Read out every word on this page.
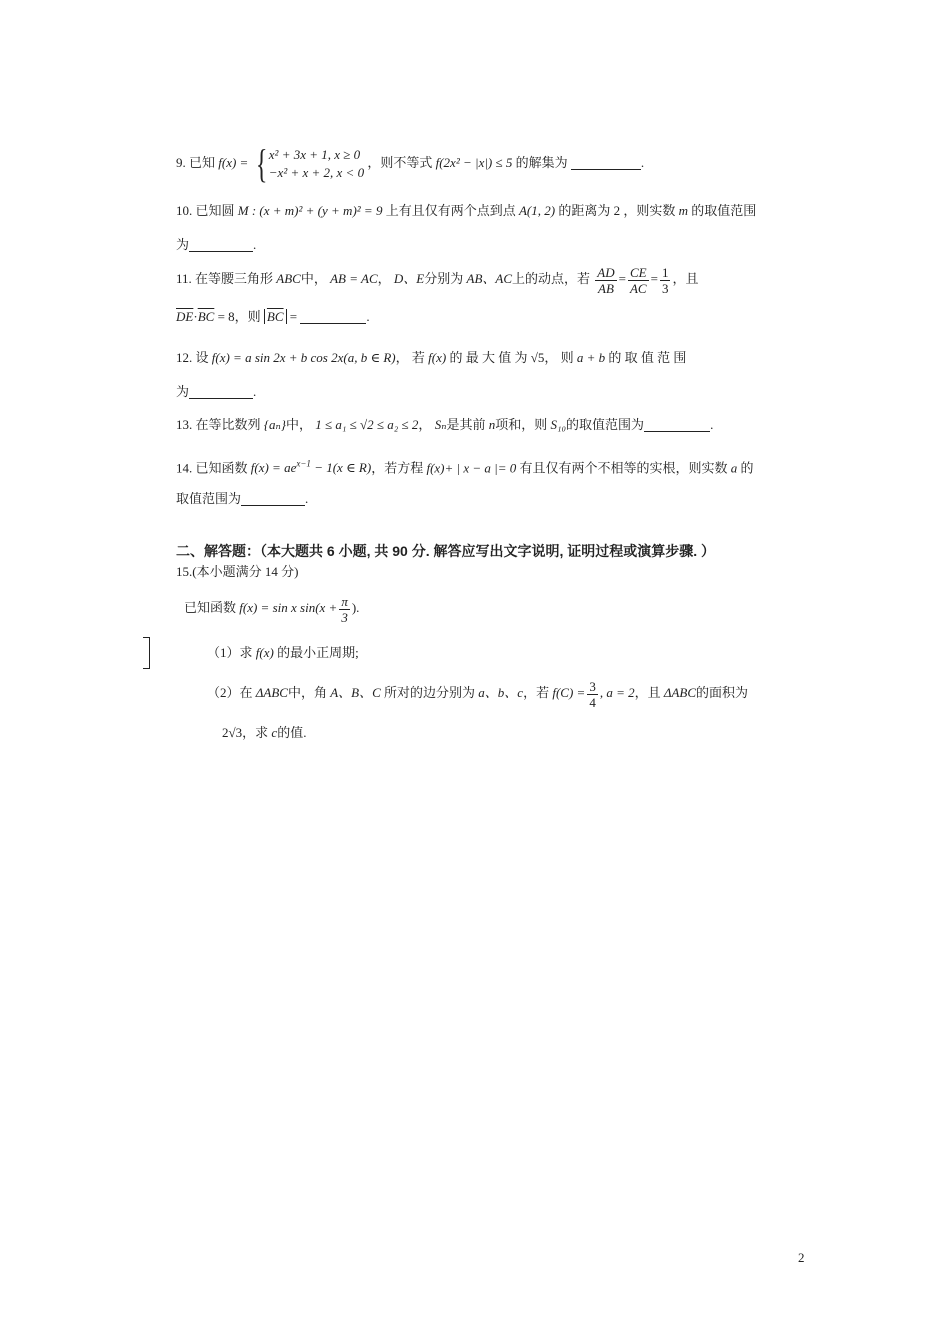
9. 已知 f(x) = { x² + 3x + 1, x ≥ 0
−x² + x + 2, x < 0
，则不等式 f(2x² − |x|) ≤ 5 的解集为	.
10. 已知圆 M : (x + m)² + (y + m)² = 9 上有且仅有两个点到点 A(1, 2) 的距离为 2 ，则实数 m 的取值范围
为	.
11. 在等腰三角形 ABC中， AB = AC， D、E分别为 AB、AC上的动点，若 $\frac{AD}{AB} = \frac{CE}{AC} = \frac{1}{3}$ ，且
$\overline{DE}\cdot\overline{BC} = 8$，则 $\overline{BC}$ =	.
12. 设 f(x) = a sin 2x + b cos 2x(a, b ∈ R)， 若 f(x) 的 最 大 值 为 √5， 则 a + b 的 取 值 范 围
为	.
13. 在等比数列 {aₙ}中， 1 ≤ a₁ ≤ √2 ≤ a₂ ≤ 2， Sₙ是其前 n项和，则 S₁₀的取值范围为	.
14. 已知函数 $f(x) = ae^{x-1} - 1(x$ ∈ R)，若方程 f(x)+ | x − a |= 0 有且仅有两个不相等的实根，则实数 a 的
取值范围为	.
二、解答题：（本大题共 6 小题, 共 90 分. 解答应写出文字说明, 证明过程或演算步骤. ）
15.(本小题满分 14 分)
已知函数 f(x) = sin x $\sin(x + \frac{\pi}{3}$ ).
（1）求 f(x) 的最小正周期;
（2）在 ΔABC中，角 A、B、C 所对的边分别为 a、b、c，若 $f(C) = \frac{3}{4}$ , a = 2，且 ΔABC的面积为
2√3，求 c的值.
2
